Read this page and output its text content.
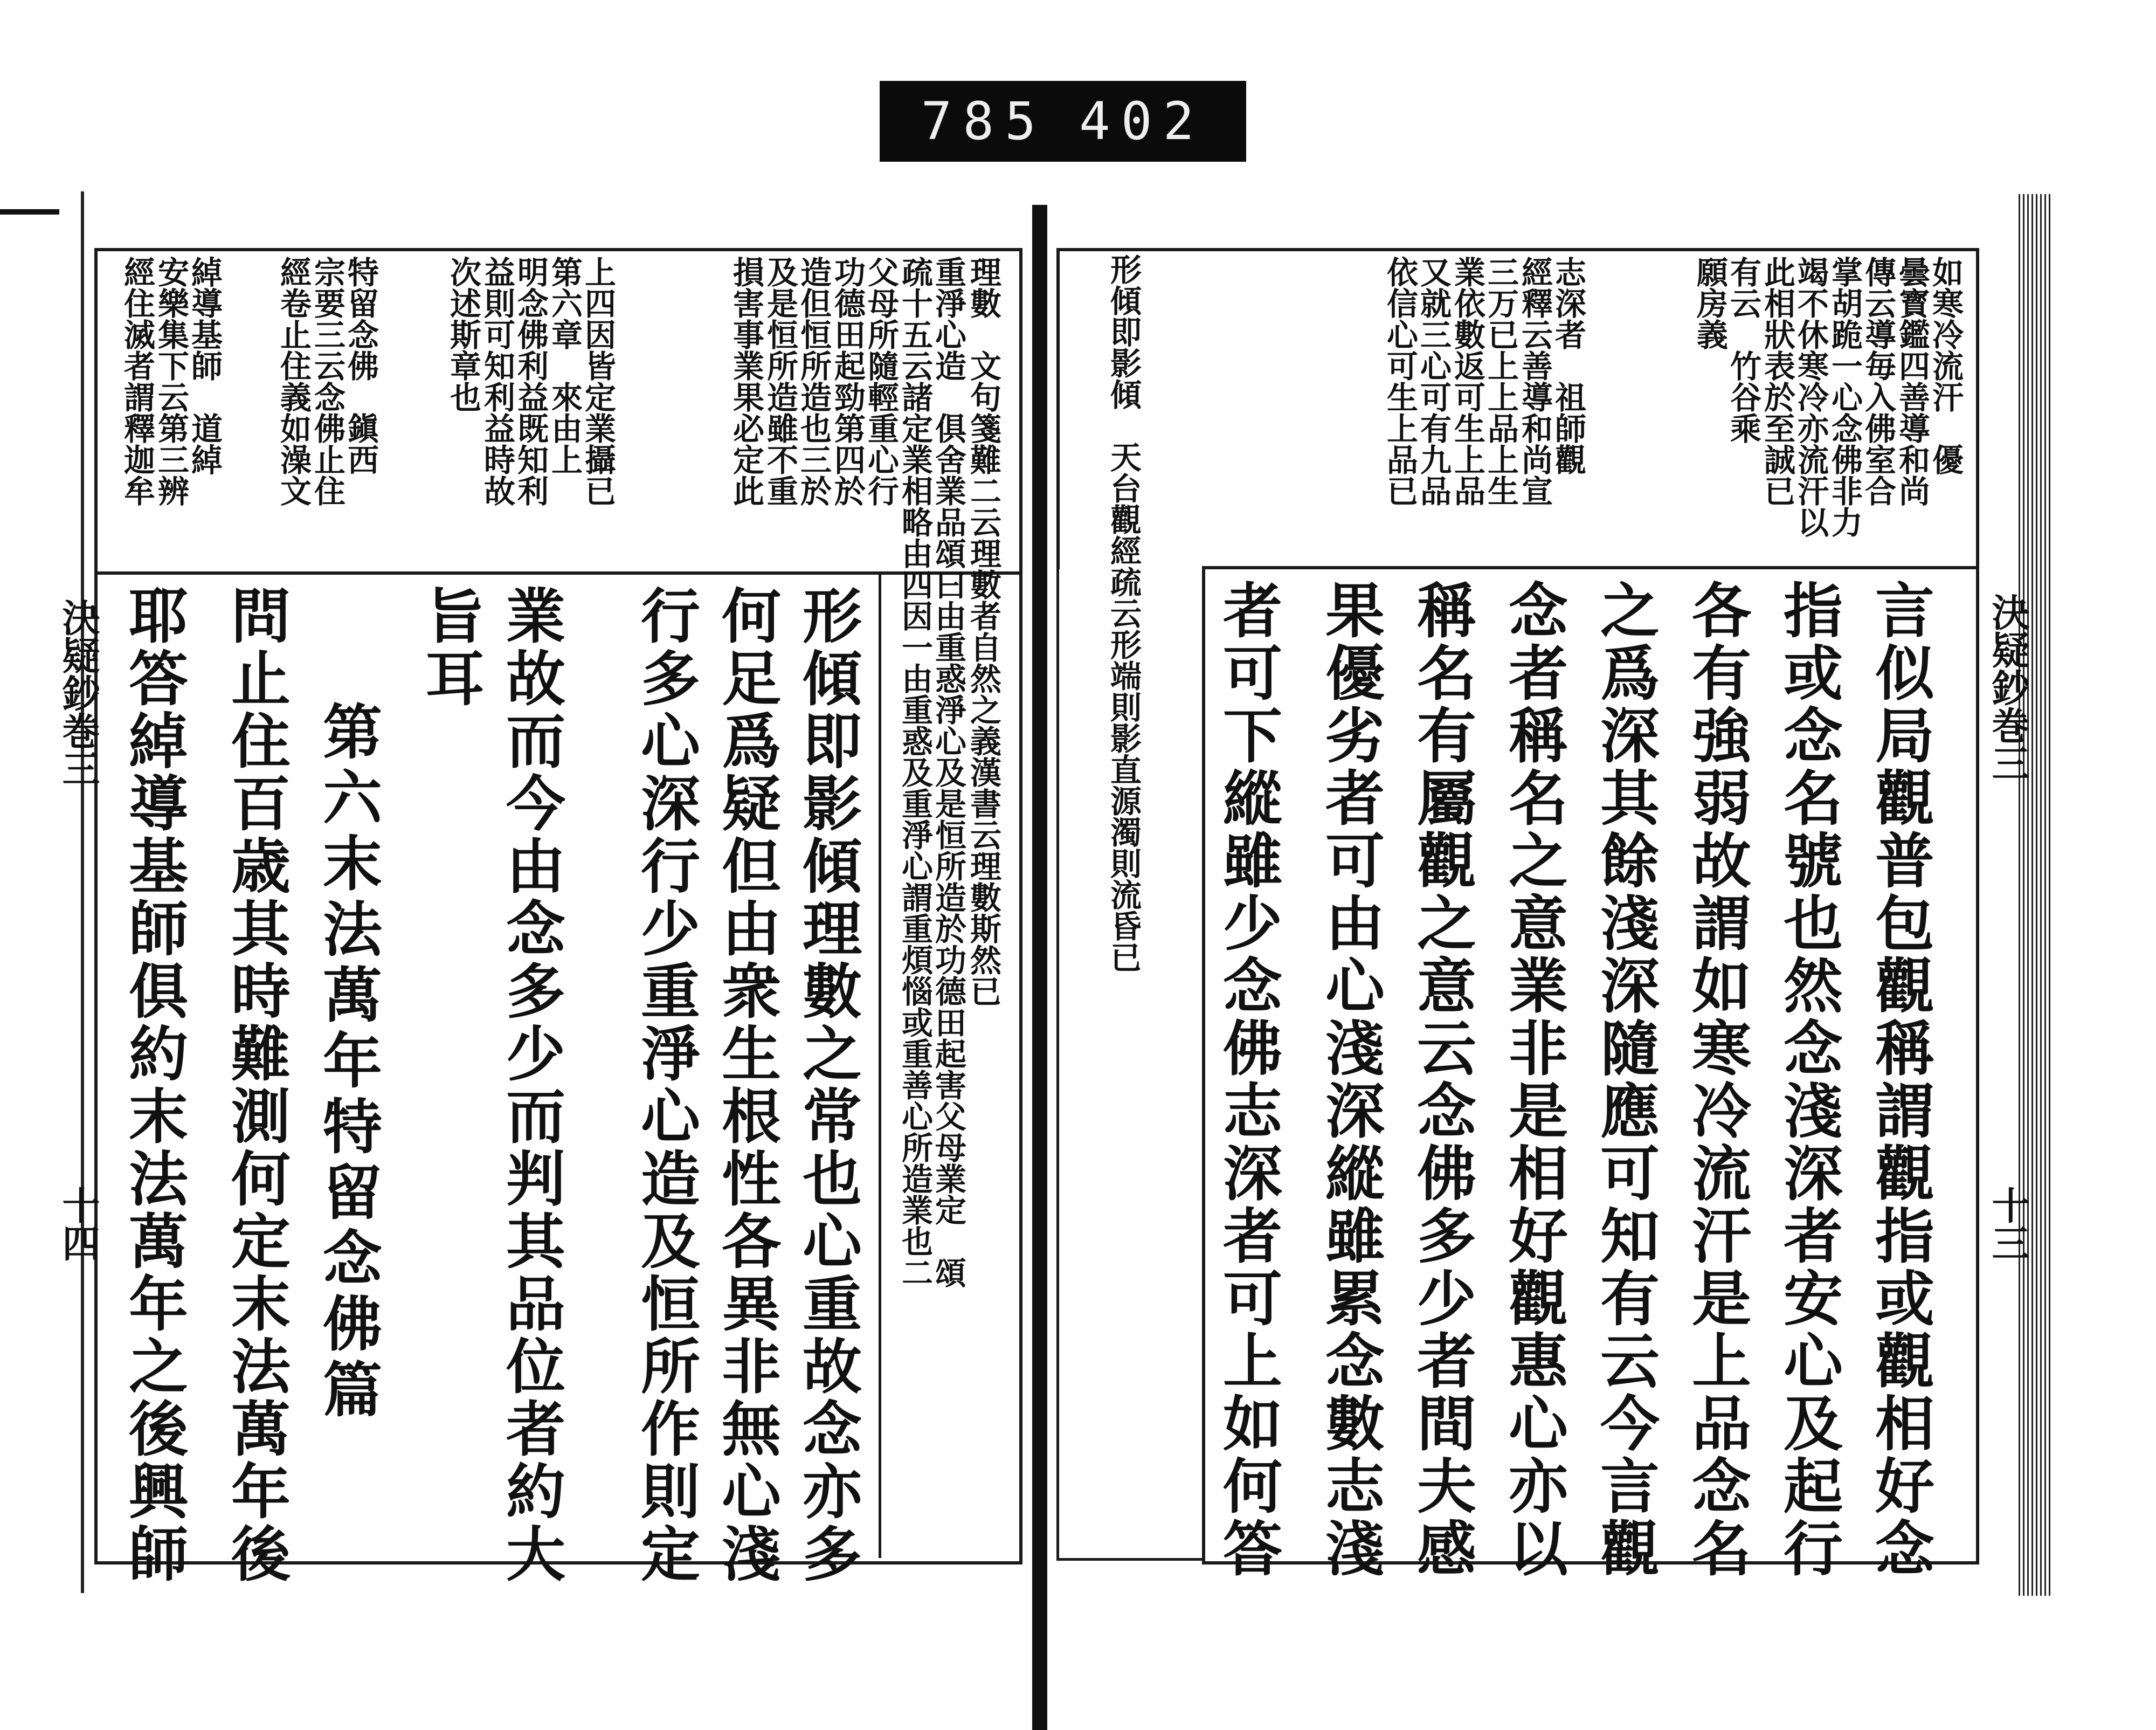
785 402
理數　文句箋難二云理數者自然之義漢書云理數斯然已
重淨心造　俱舍業品頌曰由重惑淨心及是恒所造於功德田起害父母業定　頌
疏十五云諸定業相略由四因一由重惑及重淨心謂重煩惱或重善心所造業也二
父母所隨輕重心行
功德田起勁第四於
造但恒所造也三於
及是恒所造雖不重
損害事業果必定此
上四因皆定業攝已
第六章　來由上
明念佛利益既知利
益則可知利益時故
次述斯章也
特留念佛　鎭西
宗要三云念佛止住
經卷止住義如澡文
綽導基師　道綽
安樂集下云第三辨
經住滅者謂釋迦牟
形傾即影傾理數之常也心重故念亦多
何足爲疑但由衆生根性各異非無心淺
行多心深行少重淨心造及恒所作則定
業故而今由念多少而判其品位者約大
旨耳
第六末法萬年特留念佛篇
問止住百歳其時難測何定末法萬年後
耶答綽導基師俱約末法萬年之後興師
決疑鈔巻三
十四
形傾即影傾　天台觀經疏云形端則影直源濁則流昏已	如寒冷流汗　優
曇寳鑑四善導和尚
傳云導毎入佛室合
掌胡跪一心念佛非力
竭不休寒冷亦流汗以
此相狀表於至誠已
有云　竹谷乘
願房義
志深者　祖師觀
經釋云善導和尚宣
三万已上上品上生
業依數返可生上品
又就三心可有九品
依信心可生上品已
言似局觀普包觀稱謂觀指或觀相好念
指或念名號也然念淺深者安心及起行
各有強弱故謂如寒冷流汗是上品念名
之爲深其餘淺深隨應可知有云今言觀
念者稱名之意業非是相好觀惠心亦以
稱名有屬觀之意云念佛多少者間夫感
果優劣者可由心淺深縱雖累念數志淺
者可下縱雖少念佛志深者可上如何答	決疑鈔巻三
十三
